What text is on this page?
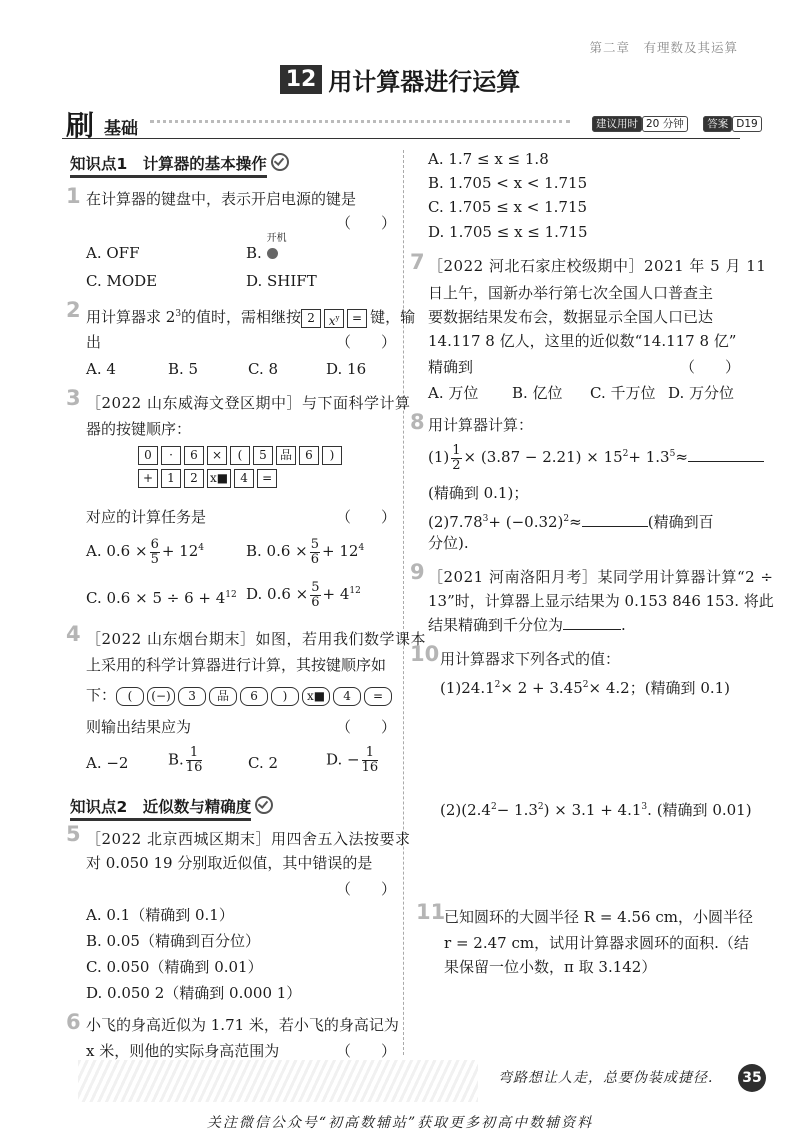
第二章　有理数及其运算
12 用计算器进行运算
刷 基础	建议用时 20 分钟 答案 D19
知识点1　计算器的基本操作
1 在计算器的键盘中，表示开启电源的键是
（　　）
A. OFF	B.
开机
C. MODE	D. SHIFT
2 用计算器求 $2^3$的值时，需相继按 2 $x^y$ = 键，输
出	（　　）
A. 4	B. 5	C. 8	D. 16
3 ［2022 山东威海文登区期中］与下面科学计算
器的按键顺序：
0 · 6 × ( 5 品 6 )
+ 1 2 x■ 4 =
对应的计算任务是	（　　）
A. $0.6 \times \frac{6}{5} + 12^4$	B. $0.6 \times \frac{5}{6} + 12^4$
C. $0.6 \times 5 \div 6 + 4^{12}$ D. $0.6 \times \frac{5}{6} + 4^{12}$
4 ［2022 山东烟台期末］如图，若用我们数学课本
上采用的科学计算器进行计算，其按键顺序如
下： ( (−) 3 品 6 ) x■ 4 =
则输出结果应为	（　　）
A. −2	B. $\frac{1}{16}$	C. 2	D. − $\frac{1}{16}$
知识点2　近似数与精确度
5 ［2022 北京西城区期末］用四舍五入法按要求
对 0.050 19 分别取近似值，其中错误的是
（　　）
A. 0.1（精确到 0.1）
B. 0.05（精确到百分位）
C. 0.050（精确到 0.01）
D. 0.050 2（精确到 0.000 1）
6 小飞的身高近似为 1.71 米，若小飞的身高记为
x 米，则他的实际身高范围为	（　　）
A. 1.7 ≤ x ≤ 1.8
B. 1.705 < x < 1.715
C. 1.705 ≤ x < 1.715
D. 1.705 ≤ x ≤ 1.715
7 ［2022 河北石家庄校级期中］2021 年 5 月 11
日上午，国新办举行第七次全国人口普查主
要数据结果发布会，数据显示全国人口已达
14.117 8 亿人，这里的近似数“14.117 8 亿”
精确到	（　　）
A. 万位 B. 亿位 C. 千万位 D. 万分位
8 用计算器计算：
$(1) \frac{1}{2} \times (3.87 - 2.21) \times 15^2+ 1.3^5\approx$
(精确到 0.1)；
$(2)7.78^3+ (-0.32)^2\approx$	(精确到百
分位).
9 ［2021 河南洛阳月考］某同学用计算器计算“2 ÷
13”时，计算器上显示结果为 0.153 846 153. 将此
结果精确到千分位为	.
10 用计算器求下列各式的值：
$(1)24.1^2\times 2 + 3.45^2\times 4.2$；(精确到 0.1)
$(2)(2.4^2- 1.3^2) \times 3.1 + 4.1^3$. (精确到 0.01)
11
已知圆环的大圆半径 R = 4.56 cm，小圆半径
r = 2.47 cm，试用计算器求圆环的面积.（结
果保留一位小数，π 取 3.142）
弯路想让人走，总要伪装成捷径.	35
关注微信公众号“初高数辅站”获取更多初高中数辅资料
